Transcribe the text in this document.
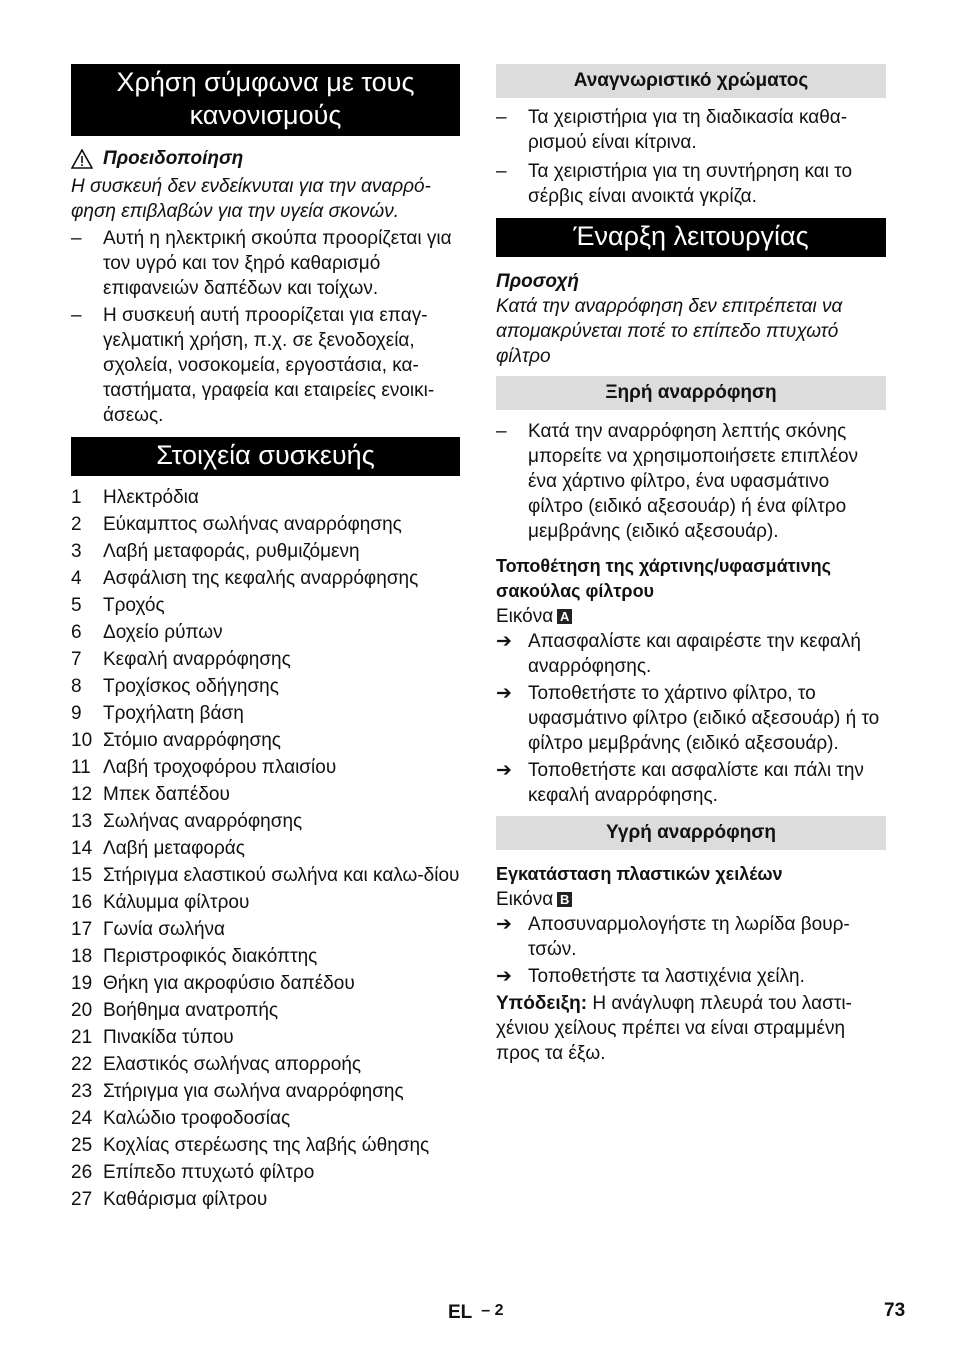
Χρήση σύμφωνα με τους κανονισμούς
Προειδοποίηση
Η συσκευή δεν ενδείκνυται για την αναρρό-φηση επιβλαβών για την υγεία σκονών.
–	Αυτή η ηλεκτρική σκούπα προορίζεται για τον υγρό και τον ξηρό καθαρισμό επιφανειών δαπέδων και τοίχων.
–	Η συσκευή αυτή προορίζεται για επαγ-γελματική χρήση, π.χ. σε ξενοδοχεία, σχολεία, νοσοκομεία, εργοστάσια, κα-ταστήματα, γραφεία και εταιρείες ενοικι-άσεως.
Στοιχεία συσκευής
1 Ηλεκτρόδια
2 Εύκαμπτος σωλήνας αναρρόφησης
3 Λαβή μεταφοράς, ρυθμιζόμενη
4 Ασφάλιση της κεφαλής αναρρόφησης
5 Τροχός
6 Δοχείο ρύπων
7 Κεφαλή αναρρόφησης
8 Τροχίσκος οδήγησης
9 Τροχήλατη βάση
10 Στόμιο αναρρόφησης
11 Λαβή τροχοφόρου πλαισίου
12 Μπεκ δαπέδου
13 Σωλήνας αναρρόφησης
14 Λαβή μεταφοράς
15 Στήριγμα ελαστικού σωλήνα και καλω-δίου
16 Κάλυμμα φίλτρου
17 Γωνία σωλήνα
18 Περιστροφικός διακόπτης
19 Θήκη για ακροφύσιο δαπέδου
20 Βοήθημα ανατροπής
21 Πινακίδα τύπου
22 Ελαστικός σωλήνας απορροής
23 Στήριγμα για σωλήνα αναρρόφησης
24 Καλώδιο τροφοδοσίας
25 Κοχλίας στερέωσης της λαβής ώθησης
26 Επίπεδο πτυχωτό φίλτρο
27 Καθάρισμα φίλτρου
Αναγνωριστικό χρώματος
–	Τα χειριστήρια για τη διαδικασία καθα-ρισμού είναι κίτρινα.
–	Τα χειριστήρια για τη συντήρηση και το σέρβις είναι ανοικτά γκρίζα.
Έναρξη λειτουργίας
Προσοχή
Κατά την αναρρόφηση δεν επιτρέπεται να απομακρύνεται ποτέ το επίπεδο πτυχωτό φίλτρο
Ξηρή αναρρόφηση
–	Κατά την αναρρόφηση λεπτής σκόνης μπορείτε να χρησιμοποιήσετε επιπλέον ένα χάρτινο φίλτρο, ένα υφασμάτινο φίλτρο (ειδικό αξεσουάρ) ή ένα φίλτρο μεμβράνης (ειδικό αξεσουάρ).
Τοποθέτηση της χάρτινης/υφασμάτινης σακούλας φίλτρου
Εικόνα A
➔ Απασφαλίστε και αφαιρέστε την κεφαλή αναρρόφησης.
➔ Τοποθετήστε το χάρτινο φίλτρο, το υφασμάτινο φίλτρο (ειδικό αξεσουάρ) ή το φίλτρο μεμβράνης (ειδικό αξεσουάρ).
➔ Τοποθετήστε και ασφαλίστε και πάλι την κεφαλή αναρρόφησης.
Υγρή αναρρόφηση
Εγκατάσταση πλαστικών χειλέων
Εικόνα B
➔ Αποσυναρμολογήστε τη λωρίδα βουρ-τσών.
➔ Τοποθετήστε τα λαστιχένια χείλη.
Υπόδειξη: Η ανάγλυφη πλευρά του λαστι-χένιου χείλους πρέπει να είναι στραμμένη προς τα έξω.
EL – 2	73
